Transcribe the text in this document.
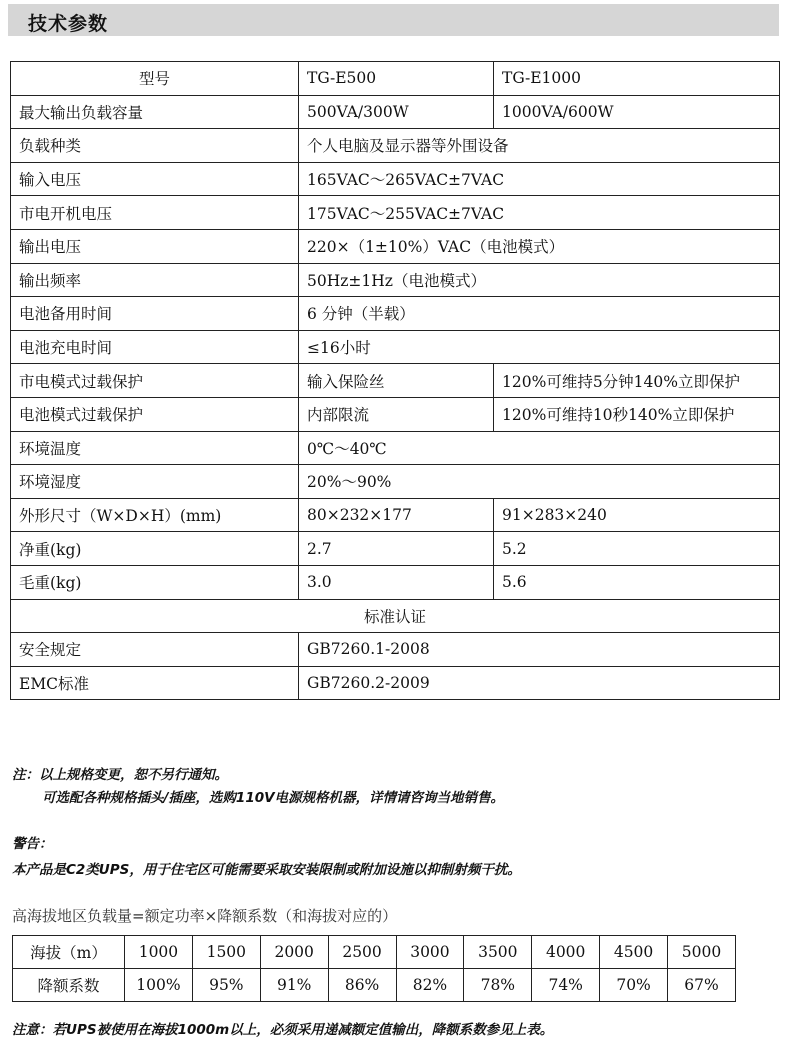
技术参数
型号	TG-E500	TG-E1000
最大输出负载容量	500VA/300W	1000VA/600W
负载种类	个人电脑及显示器等外围设备	
输入电压	165VAC～265VAC±7VAC	
市电开机电压	175VAC～255VAC±7VAC	
输出电压	220×（1±10%）VAC（电池模式）	
输出频率	50Hz±1Hz（电池模式）	
电池备用时间	6 分钟（半载）	
电池充电时间	≤16小时	
市电模式过载保护	输入保险丝	120%可维持5分钟140%立即保护
电池模式过载保护	内部限流	120%可维持10秒140%立即保护
环境温度	0℃～40℃	
环境湿度	20%～90%	
外形尺寸（W×D×H）(mm)	80×232×177	91×283×240
净重(kg)	2.7	5.2
毛重(kg)	3.0	5.6
标准认证		
安全规定	GB7260.1-2008	
EMC标准	GB7260.2-2009	
注：以上规格变更，恕不另行通知。
可选配各种规格插头/插座，选购110V电源规格机器，详情请咨询当地销售。
警告：
本产品是C2类UPS，用于住宅区可能需要采取安装限制或附加设施以抑制射频干扰。
高海拔地区负载量=额定功率×降额系数（和海拔对应的）
海拔（m）	1000	1500	2000	2500	3000	3500	4000	4500	5000
降额系数	100%	95%	91%	86%	82%	78%	74%	70%	67%
注意：若UPS被使用在海拔1000m以上，必须采用递减额定值输出，降额系数参见上表。
